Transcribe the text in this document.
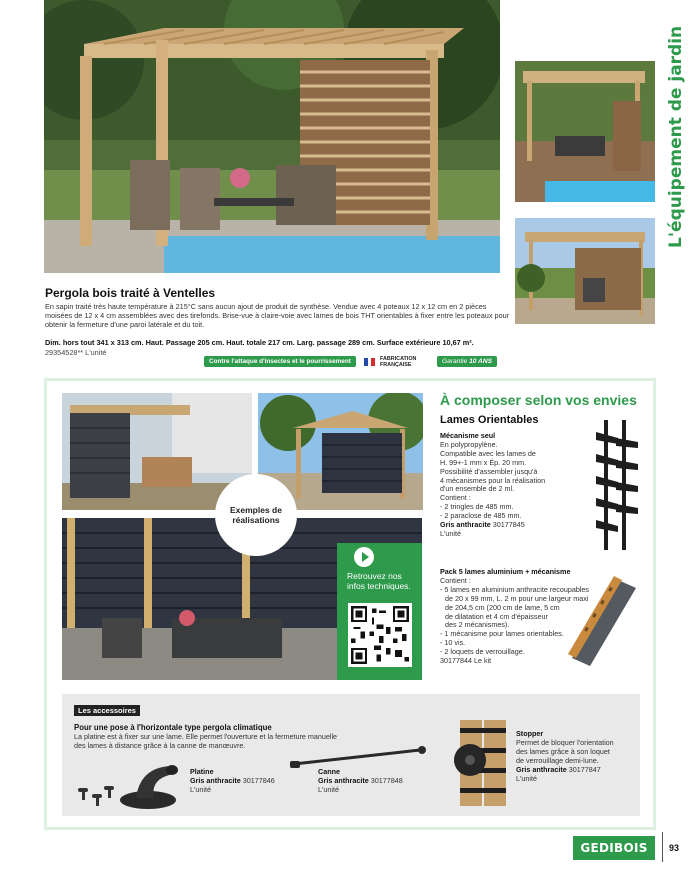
L'équipement de jardin
Pergola bois traité à Ventelles
En sapin traité très haute température à 215°C sans aucun ajout de produit de synthèse. Vendue avec 4 poteaux 12 x 12 cm en 2 pièces moisées de 12 x 4 cm assemblées avec des tirefonds. Brise-vue à claire-voie avec lames de bois THT orientables à fixer entre les poteaux pour obtenir la fermeture d'une paroi latérale et du toit.
Dim. hors tout 341 x 313 cm. Haut. Passage 205 cm. Haut. totale 217 cm. Larg. passage 289 cm. Surface extérieure 10,67 m².
29354528** L'unité
Contre l'attaque d'insectes et le pourrissement	FABRICATION
FRANÇAISE	Garantie 10 ANS
Exemples de réalisations
Retrouvez nos infos techniques.
À composer selon vos envies
Lames Orientables
Mécanisme seul
En polypropylène.
Compatible avec les lames de
H. 99+-1 mm x Ép. 20 mm.
Possibilité d'assembler jusqu'à
4 mécanismes pour la réalisation
d'un ensemble de 2 ml.
Contient :
- 2 tringles de 485 mm.
- 2 paraclose de 485 mm.
Gris anthracite 30177845
L'unité
Pack 5 lames aluminium + mécanisme
Contient :
- 5 lames en aluminium anthracite recoupables
de 20 x 99 mm, L. 2 m pour une largeur maxi
de 204,5 cm (200 cm de lame, 5 cm
de dilatation et 4 cm d'épaisseur
des 2 mécanismes).
- 1 mécanisme pour lames orientables.
- 10 vis.
- 2 loquets de verrouillage.
30177844 Le kit
Les accessoires
Pour une pose à l'horizontale type pergola climatique
La platine est à fixer sur une lame. Elle permet l'ouverture et la fermeture manuelle
des lames à distance grâce à la canne de manœuvre.
Platine
Gris anthracite 30177846
L'unité
Canne
Gris anthracite 30177848
L'unité
Stopper
Permet de bloquer l'orientation
des lames grâce à son loquet
de verrouillage demi-lune.
Gris anthracite 30177847
L'unité
GEDIBOIS	93
